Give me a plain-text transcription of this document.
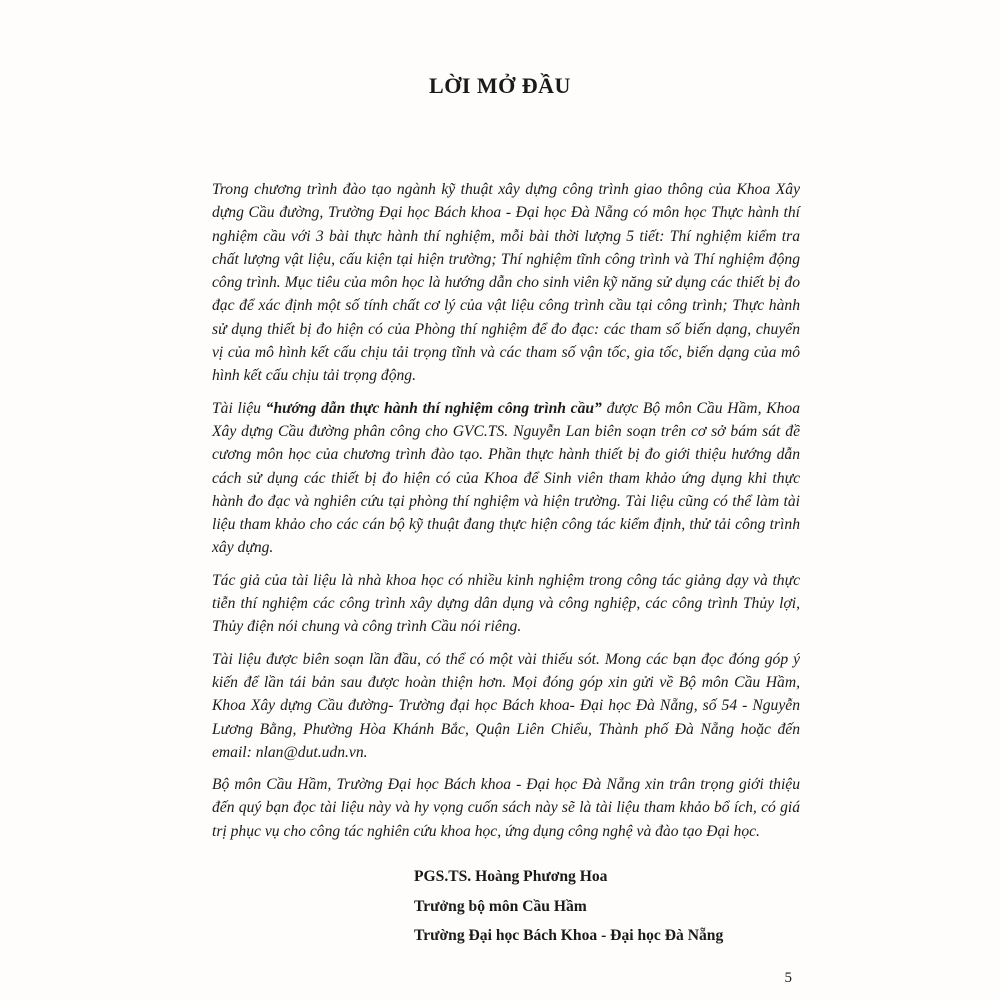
LỜI MỞ ĐẦU

Trong chương trình đào tạo ngành kỹ thuật xây dựng công trình giao thông của Khoa Xây dựng Cầu đường, Trường Đại học Bách khoa - Đại học Đà Nẵng có môn học Thực hành thí nghiệm cầu với 3 bài thực hành thí nghiệm, mỗi bài thời lượng 5 tiết: Thí nghiệm kiểm tra chất lượng vật liệu, cấu kiện tại hiện trường; Thí nghiệm tĩnh công trình và Thí nghiệm động công trình. Mục tiêu của môn học là hướng dẫn cho sinh viên kỹ năng sử dụng các thiết bị đo đạc để xác định một số tính chất cơ lý của vật liệu công trình cầu tại công trình; Thực hành sử dụng thiết bị đo hiện có của Phòng thí nghiệm để đo đạc: các tham số biến dạng, chuyển vị của mô hình kết cấu chịu tải trọng tĩnh và các tham số vận tốc, gia tốc, biến dạng của mô hình kết cấu chịu tải trọng động.

Tài liệu “hướng dẫn thực hành thí nghiệm công trình cầu” được Bộ môn Cầu Hầm, Khoa Xây dựng Cầu đường phân công cho GVC.TS. Nguyễn Lan biên soạn trên cơ sở bám sát đề cương môn học của chương trình đào tạo. Phần thực hành thiết bị đo giới thiệu hướng dẫn cách sử dụng các thiết bị đo hiện có của Khoa để Sinh viên tham khảo ứng dụng khi thực hành đo đạc và nghiên cứu tại phòng thí nghiệm và hiện trường. Tài liệu cũng có thể làm tài liệu tham khảo cho các cán bộ kỹ thuật đang thực hiện công tác kiểm định, thử tải công trình xây dựng.

Tác giả của tài liệu là nhà khoa học có nhiều kinh nghiệm trong công tác giảng dạy và thực tiễn thí nghiệm các công trình xây dựng dân dụng và công nghiệp, các công trình Thủy lợi, Thủy điện nói chung và công trình Cầu nói riêng.

Tài liệu được biên soạn lần đầu, có thể có một vài thiếu sót. Mong các bạn đọc đóng góp ý kiến để lần tái bản sau được hoàn thiện hơn. Mọi đóng góp xin gửi về Bộ môn Cầu Hầm, Khoa Xây dựng Cầu đường- Trường đại học Bách khoa- Đại học Đà Nẵng, số 54 - Nguyễn Lương Bằng, Phường Hòa Khánh Bắc, Quận Liên Chiểu, Thành phố Đà Nẵng hoặc đến email: nlan@dut.udn.vn.

Bộ môn Cầu Hầm, Trường Đại học Bách khoa - Đại học Đà Nẵng xin trân trọng giới thiệu đến quý bạn đọc tài liệu này và hy vọng cuốn sách này sẽ là tài liệu tham khảo bổ ích, có giá trị phục vụ cho công tác nghiên cứu khoa học, ứng dụng công nghệ và đào tạo Đại học.

PGS.TS. Hoàng Phương Hoa
Trưởng bộ môn Cầu Hầm
Trường Đại học Bách Khoa - Đại học Đà Nẵng
5
